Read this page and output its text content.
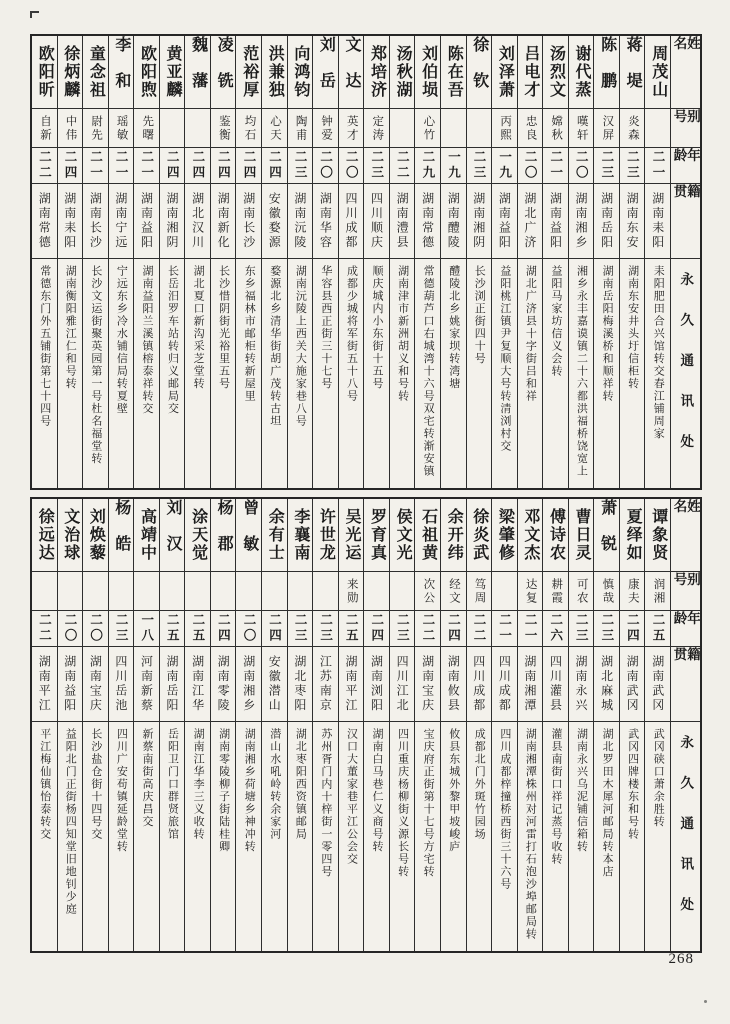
姓名
别号
年龄
籍贯
永久通讯处
周茂山
二一
湖南耒阳
耒阳肥田合兴馆转交春江铺周家
蒋堤
炎森
二三
湖南东安
湖南东安井头圩信柜转
陈鹏
汉屏
二三
湖南岳阳
湖南岳阳梅溪桥和顺祥转
谢代蒸
嘆轩
二〇
湖南湘乡
湘乡永丰嘉谟镇二十六都洪福桥饶宽上
汤烈文
嫦秋
二一
湖南益阳
益阳马家坊信义会转
吕电才
忠良
二〇
湖北广济
湖北广济县十字街吕和祥
刘泽萧
丙熙
一九
湖南益阳
益阳桃江镇尹复顺大号转清浏村交
徐钦
二三
湖南湘阴
长沙浏正街四十号
陈在吾
一九
湖南醴陵
醴陵北乡姚家坝转湾塘
刘伯埙
心竹
二九
湖南常德
常德葫芦口右城湾十六号双宅转渐安镇
汤秋湖
二二
湖南澧县
湖南津市新洲胡义和号转
郑培济
定涛
二三
四川顺庆
顺庆城内小东街十五号
文达
英才
二〇
四川成都
成都少城将军街五十八号
刘岳
钟爱
二〇
湖南华容
华容县西正街三十七号
向鸿钧
陶甫
二三
湖南沅陵
湖南沅陵上西关大施家巷八号
洪兼独
心天
二四
安徽婺源
婺源北乡清华街胡广茂转古坦
范裕厚
均石
二四
湖南长沙
东乡福林市邮柜转新屋里
凌铣
鉴衡
二四
湖南新化
长沙惜阴街光裕里五号
魏藩
二四
湖北汉川
湖北夏口新沟采芝堂转
黄亚麟
二四
湖南湘阴
长岳汨罗车站转归义邮局交
欧阳煦
先曙
二一
湖南益阳
湖南益阳兰溪镇榕泰祥转交
李和
瑶敏
二一
湖南宁远
宁远东乡冷水铺信局转夏壁
童念祖
尉先
二一
湖南长沙
长沙文运街聚英园第一号杜名福堂转
徐炳麟
中伟
二四
湖南耒阳
湖南衡阳雅江仁和号转
欧阳昕
自新
二二
湖南常德
常德东门外五铺街第七十四号
姓名
别号
年龄
籍贯
永久通讯处
谭象贤
润湘
二五
湖南武冈
武冈硖口萧余胜转
夏绎如
康夫
二四
湖南武冈
武冈四牌楼东和号转
萧锐
慎哉
二三
湖北麻城
湖北罗田木犀河邮局转本店
曹日灵
可农
二三
湖南永兴
湖南永兴乌泥铺信箱转
傅诗农
耕霞
二六
四川灌县
灌县南街口祥记蒸号收转
邓文杰
达复
二一
湖南湘潭
湖南湘潭株州对河雷打石泡沙埠邮局转
梁肇修
二一
四川成都
四川成都梓撞桥西街三十六号
徐炎武
笃周
二二
四川成都
成都北门外斑竹园场
余开纬
经文
二四
湖南攸县
攸县东城外黎甲坡峻庐
石祖黄
次公
二二
湖南宝庆
宝庆府正街第十七号方宅转
侯文光
二三
四川江北
四川重庆杨柳街义源长号转
罗育真
二四
湖南浏阳
湖南白马巷仁义商号转
吴光运
来勋
二五
湖南平江
汉口大董家巷平江公会交
许世龙
二三
江苏南京
苏州胥门内十梓街一零四号
李襄南
二三
湖北枣阳
湖北枣阳西资镇邮局
余有士
二四
安徽潜山
潜山水吼岭转余家河
曾敏
二〇
湖南湘乡
湖南湘乡荷塘乡神冲转
杨郡
二四
湖南零陵
湖南零陵柳子街陆桂卿
涂天觉
二五
湖南江华
湖南江华李三义收转
刘汉
二五
湖南岳阳
岳阳卫门口群贤旅馆
高靖中
一八
河南新蔡
新蔡南街高庆昌交
杨皓
二三
四川岳池
四川广安苟镇延龄堂转
刘焕藜
二〇
湖南宝庆
长沙盐仓街十四号交
文治球
二〇
湖南益阳
益阳北门正街杨四知堂旧地钊少庭
徐远达
二二
湖南平江
平江梅仙镇怡泰转交
268
